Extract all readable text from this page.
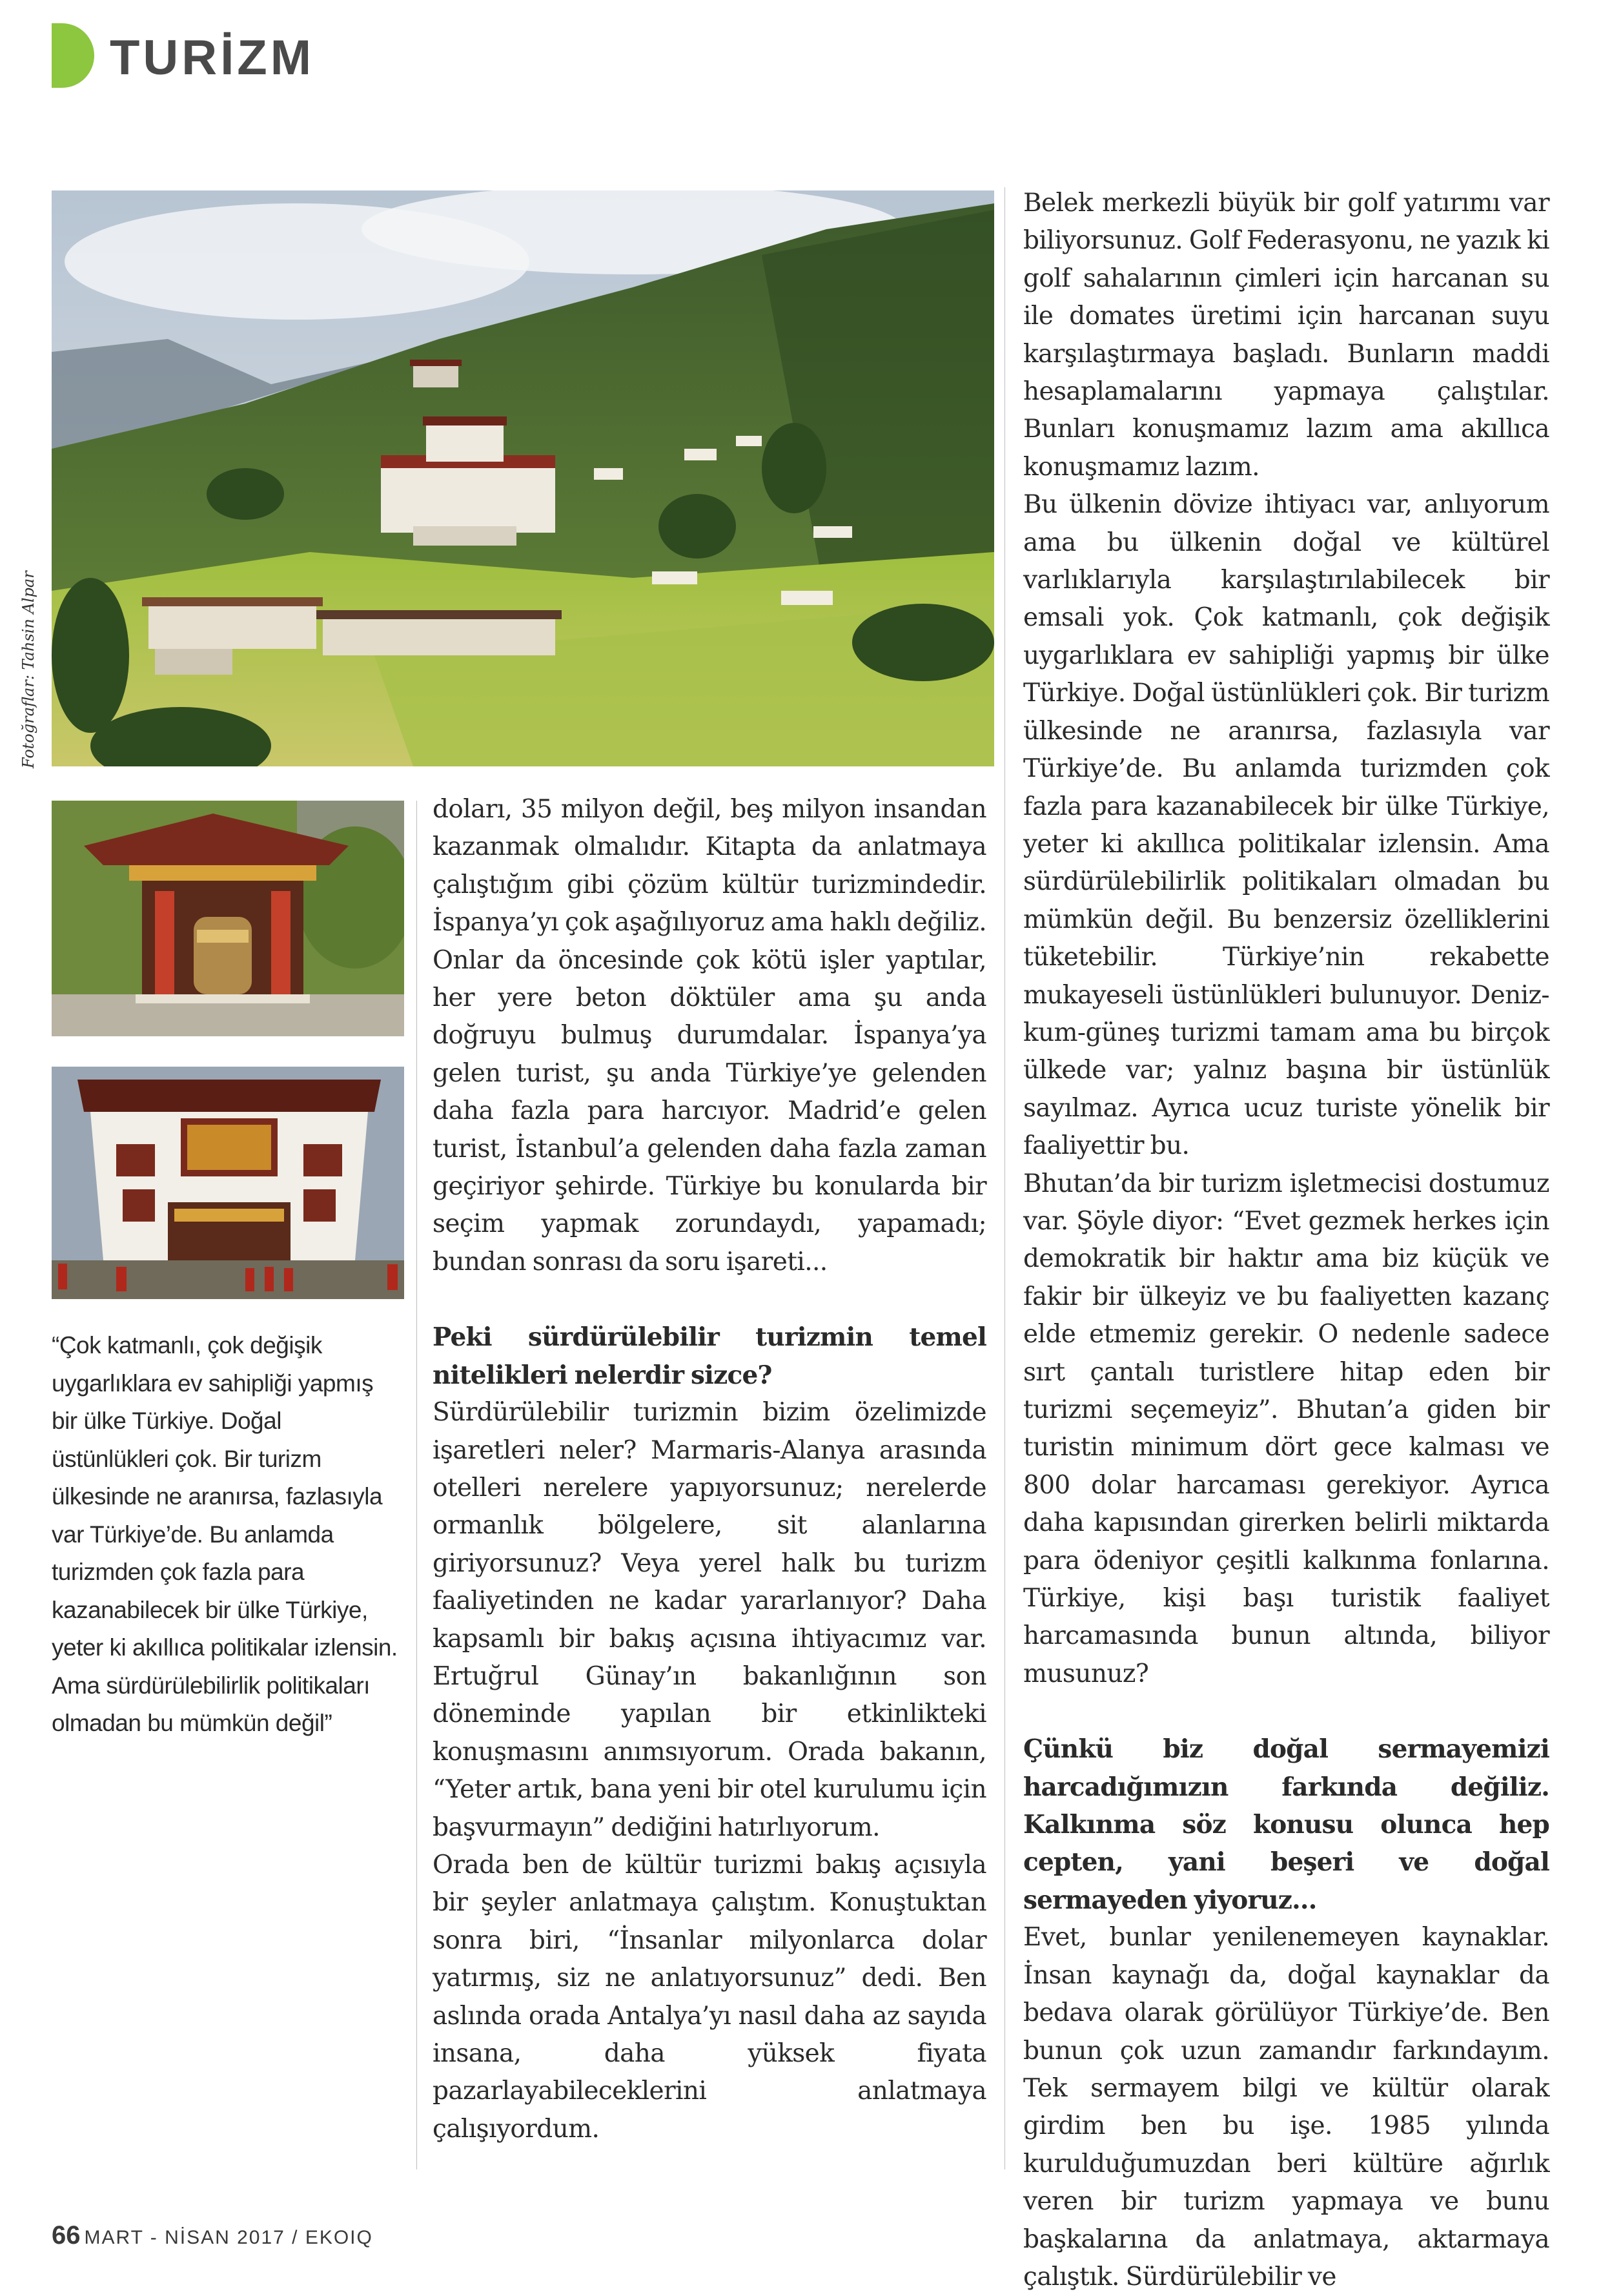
TURİZM
Fotoğraflar: Tahsin Alpar

“Çok katmanlı, çok değişik uygarlıklara ev sahipliği yapmış bir ülke Türkiye. Doğal üstünlükleri çok. Bir turizm ülkesinde ne aranırsa, fazlasıyla var Türkiye’de. Bu anlamda turizmden çok fazla para kazanabilecek bir ülke Türkiye, yeter ki akıllıca politikalar izlensin. Ama sürdürülebilirlik politikaları olmadan bu mümkün değil”

doları, 35 milyon değil, beş milyon insandan kazanmak olmalıdır. Kitapta da anlatmaya çalıştığım gibi çözüm kültür turizmindedir. İspanya’yı çok aşağılıyoruz ama haklı değiliz. Onlar da öncesinde çok kötü işler yaptılar, her yere beton döktüler ama şu anda doğruyu bulmuş durumdalar. İspanya’ya gelen turist, şu anda Türkiye’ye gelenden daha fazla para harcıyor. Madrid’e gelen turist, İstanbul’a gelenden daha fazla zaman geçiriyor şehirde. Türkiye bu konularda bir seçim yapmak zorundaydı, yapamadı; bundan sonrası da soru işareti...

Peki sürdürülebilir turizmin temel nitelikleri nelerdir sizce?

Sürdürülebilir turizmin bizim özelimizde işaretleri neler? Marmaris-Alanya arasında otelleri nerelere yapıyorsunuz; nerelerde ormanlık bölgelere, sit alanlarına giriyorsunuz? Veya yerel halk bu turizm faaliyetinden ne kadar yararlanıyor? Daha kapsamlı bir bakış açısına ihtiyacımız var. Ertuğrul Günay’ın bakanlığının son döneminde yapılan bir etkinlikteki konuşmasını anımsıyorum. Orada bakanın, “Yeter artık, bana yeni bir otel kurulumu için başvurmayın” dediğini hatırlıyorum.

Orada ben de kültür turizmi bakış açısıyla bir şeyler anlatmaya çalıştım. Konuştuktan sonra biri, “İnsanlar milyonlarca dolar yatırmış, siz ne anlatıyorsunuz” dedi. Ben aslında orada Antalya’yı nasıl daha az sayıda insana, daha yüksek fiyata pazarlayabileceklerini anlatmaya çalışıyordum.

Belek merkezli büyük bir golf yatırımı var biliyorsunuz. Golf Federasyonu, ne yazık ki golf sahalarının çimleri için harcanan su ile domates üretimi için harcanan suyu karşılaştırmaya başladı. Bunların maddi hesaplamalarını yapmaya çalıştılar. Bunları konuşmamız lazım ama akıllıca konuşmamız lazım.

Bu ülkenin dövize ihtiyacı var, anlıyorum ama bu ülkenin doğal ve kültürel varlıklarıyla karşılaştırılabilecek bir emsali yok. Çok katmanlı, çok değişik uygarlıklara ev sahipliği yapmış bir ülke Türkiye. Doğal üstünlükleri çok. Bir turizm ülkesinde ne aranırsa, fazlasıyla var Türkiye’de. Bu anlamda turizmden çok fazla para kazanabilecek bir ülke Türkiye, yeter ki akıllıca politikalar izlensin. Ama sürdürülebilirlik politikaları olmadan bu mümkün değil. Bu benzersiz özelliklerini tüketebilir. Türkiye’nin rekabette mukayeseli üstünlükleri bulunuyor. Deniz-kum-güneş turizmi tamam ama bu birçok ülkede var; yalnız başına bir üstünlük sayılmaz. Ayrıca ucuz turiste yönelik bir faaliyettir bu.

Bhutan’da bir turizm işletmecisi dostumuz var. Şöyle diyor: “Evet gezmek herkes için demokratik bir haktır ama biz küçük ve fakir bir ülkeyiz ve bu faaliyetten kazanç elde etmemiz gerekir. O nedenle sadece sırt çantalı turistlere hitap eden bir turizmi seçemeyiz”. Bhutan’a giden bir turistin minimum dört gece kalması ve 800 dolar harcaması gerekiyor. Ayrıca daha kapısından girerken belirli miktarda para ödeniyor çeşitli kalkınma fonlarına. Türkiye, kişi başı turistik faaliyet harcamasında bunun altında, biliyor musunuz?

Çünkü biz doğal sermayemizi harcadığımızın farkında değiliz. Kalkınma söz konusu olunca hep cepten, yani beşeri ve doğal sermayeden yiyoruz...

Evet, bunlar yenilenemeyen kaynaklar. İnsan kaynağı da, doğal kaynaklar da bedava olarak görülüyor Türkiye’de. Ben bunun çok uzun zamandır farkındayım. Tek sermayem bilgi ve kültür olarak girdim ben bu işe. 1985 yılında kurulduğumuzdan beri kültüre ağırlık veren bir turizm yapmaya ve bunu başkalarına da anlatmaya, aktarmaya çalıştık. Sürdürülebilir ve

66 MART - NİSAN 2017 / EKOIQ
